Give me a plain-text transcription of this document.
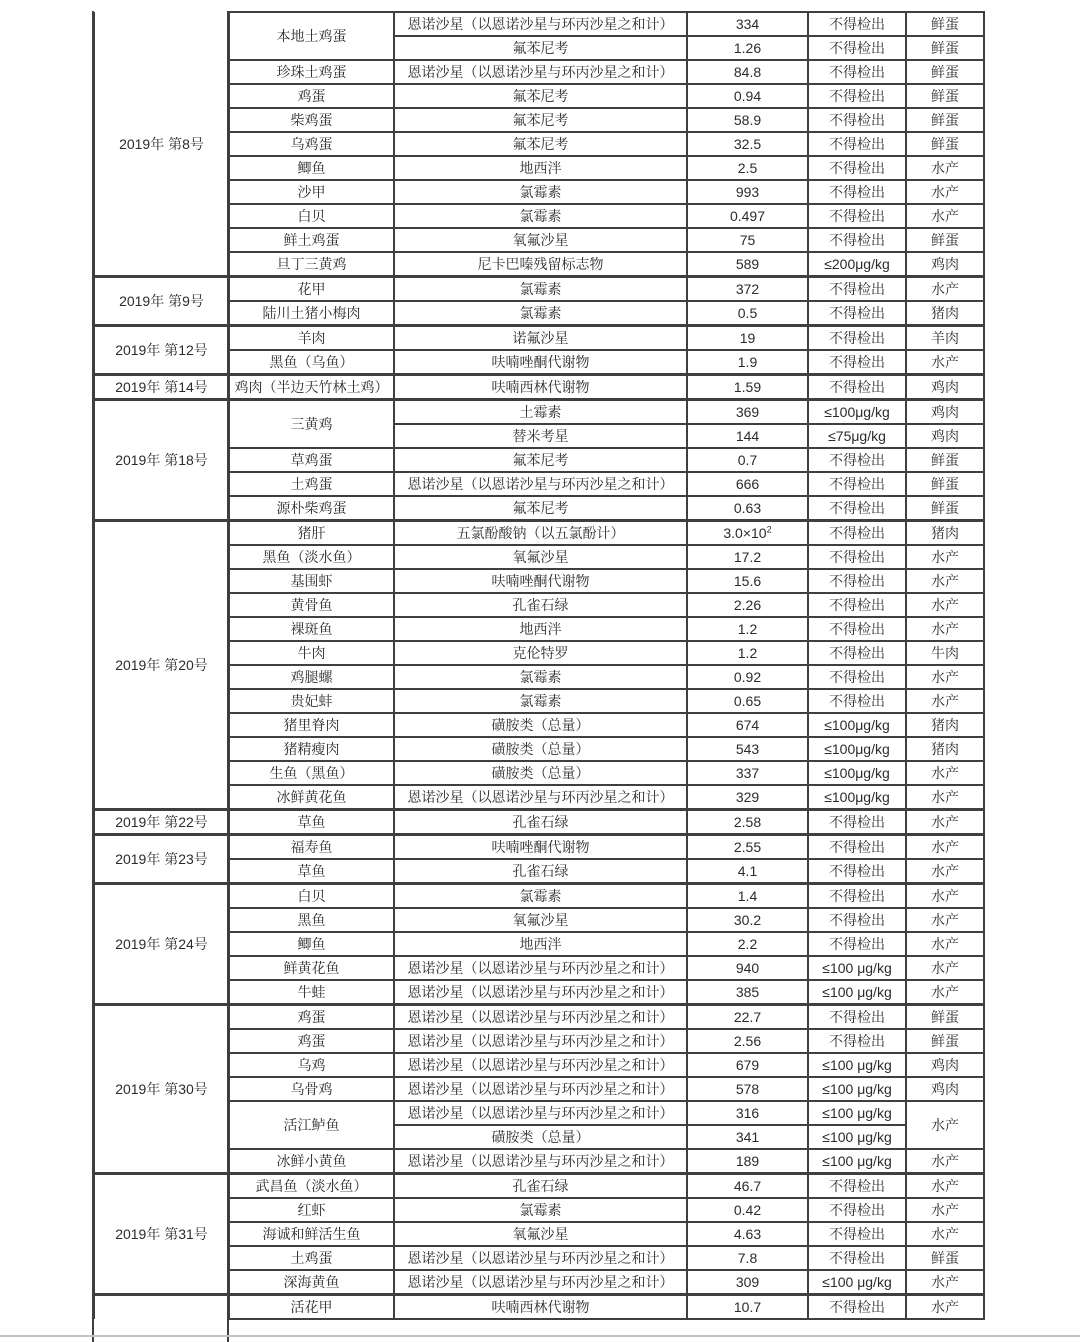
2019年 第8号	本地土鸡蛋	恩诺沙星（以恩诺沙星与环丙沙星之和计）	334	不得检出	鲜蛋
		氟苯尼考	1.26	不得检出	鲜蛋
	珍珠土鸡蛋	恩诺沙星（以恩诺沙星与环丙沙星之和计）	84.8	不得检出	鲜蛋
	鸡蛋	氟苯尼考	0.94	不得检出	鲜蛋
	柴鸡蛋	氟苯尼考	58.9	不得检出	鲜蛋
	乌鸡蛋	氟苯尼考	32.5	不得检出	鲜蛋
	鲫鱼	地西泮	2.5	不得检出	水产
	沙甲	氯霉素	993	不得检出	水产
	白贝	氯霉素	0.497	不得检出	水产
	鲜土鸡蛋	氧氟沙星	75	不得检出	鲜蛋
	旦丁三黄鸡	尼卡巴嗪残留标志物	589	≤200μg/kg	鸡肉
2019年 第9号	花甲	氯霉素	372	不得检出	水产
	陆川土猪小梅肉	氯霉素	0.5	不得检出	猪肉
2019年 第12号	羊肉	诺氟沙星	19	不得检出	羊肉
	黑鱼（乌鱼）	呋喃唑酮代谢物	1.9	不得检出	水产
2019年 第14号	鸡肉（半边天竹林土鸡）	呋喃西林代谢物	1.59	不得检出	鸡肉
2019年 第18号	三黄鸡	土霉素	369	≤100μg/kg	鸡肉
		替米考星	144	≤75μg/kg	鸡肉
	草鸡蛋	氟苯尼考	0.7	不得检出	鲜蛋
	土鸡蛋	恩诺沙星（以恩诺沙星与环丙沙星之和计）	666	不得检出	鲜蛋
	源朴柴鸡蛋	氟苯尼考	0.63	不得检出	鲜蛋
2019年 第20号	猪肝	五氯酚酸钠（以五氯酚计）	$3.0\times 10^2$	不得检出	猪肉
	黑鱼（淡水鱼）	氧氟沙星	17.2	不得检出	水产
	基围虾	呋喃唑酮代谢物	15.6	不得检出	水产
	黄骨鱼	孔雀石绿	2.26	不得检出	水产
	裸斑鱼	地西泮	1.2	不得检出	水产
	牛肉	克伦特罗	1.2	不得检出	牛肉
	鸡腿螺	氯霉素	0.92	不得检出	水产
	贵妃蚌	氯霉素	0.65	不得检出	水产
	猪里脊肉	磺胺类（总量）	674	≤100μg/kg	猪肉
	猪精瘦肉	磺胺类（总量）	543	≤100μg/kg	猪肉
	生鱼（黑鱼）	磺胺类（总量）	337	≤100μg/kg	水产
	冰鲜黄花鱼	恩诺沙星（以恩诺沙星与环丙沙星之和计）	329	≤100μg/kg	水产
2019年 第22号	草鱼	孔雀石绿	2.58	不得检出	水产
2019年 第23号	福寿鱼	呋喃唑酮代谢物	2.55	不得检出	水产
	草鱼	孔雀石绿	4.1	不得检出	水产
2019年 第24号	白贝	氯霉素	1.4	不得检出	水产
	黑鱼	氧氟沙星	30.2	不得检出	水产
	鲫鱼	地西泮	2.2	不得检出	水产
	鲜黄花鱼	恩诺沙星（以恩诺沙星与环丙沙星之和计）	940	≤100 μg/kg	水产
	牛蛙	恩诺沙星（以恩诺沙星与环丙沙星之和计）	385	≤100 μg/kg	水产
2019年 第30号	鸡蛋	恩诺沙星（以恩诺沙星与环丙沙星之和计）	22.7	不得检出	鲜蛋
	鸡蛋	恩诺沙星（以恩诺沙星与环丙沙星之和计）	2.56	不得检出	鲜蛋
	乌鸡	恩诺沙星（以恩诺沙星与环丙沙星之和计）	679	≤100 μg/kg	鸡肉
	乌骨鸡	恩诺沙星（以恩诺沙星与环丙沙星之和计）	578	≤100 μg/kg	鸡肉
	活江鲈鱼	恩诺沙星（以恩诺沙星与环丙沙星之和计）	316	≤100 μg/kg	水产
		磺胺类（总量）	341	≤100 μg/kg	
	冰鲜小黄鱼	恩诺沙星（以恩诺沙星与环丙沙星之和计）	189	≤100 μg/kg	水产
2019年 第31号	武昌鱼（淡水鱼）	孔雀石绿	46.7	不得检出	水产
	红虾	氯霉素	0.42	不得检出	水产
	海诚和鲜活生鱼	氧氟沙星	4.63	不得检出	水产
	土鸡蛋	恩诺沙星（以恩诺沙星与环丙沙星之和计）	7.8	不得检出	鲜蛋
	深海黄鱼	恩诺沙星（以恩诺沙星与环丙沙星之和计）	309	≤100 μg/kg	水产
	活花甲	呋喃西林代谢物	10.7	不得检出	水产
